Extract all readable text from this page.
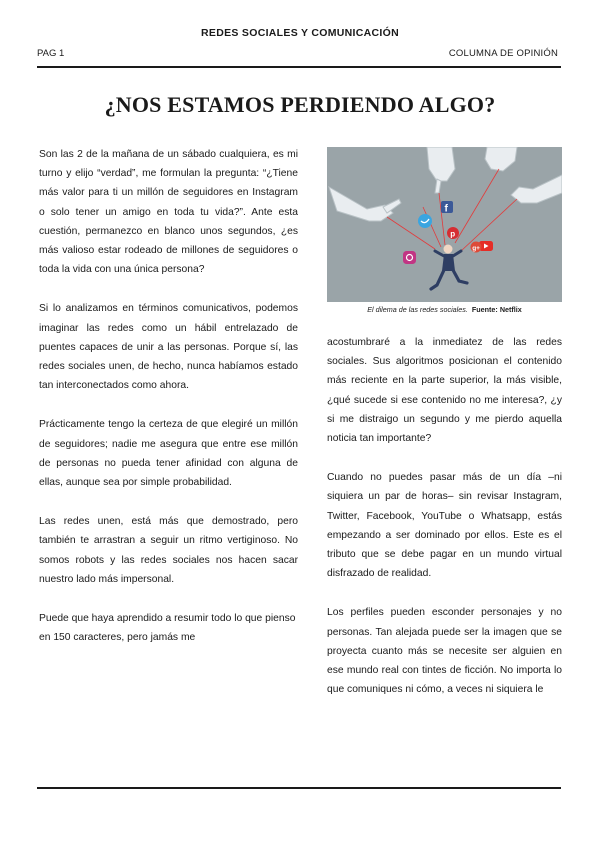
REDES SOCIALES Y COMUNICACIÓN
PAG 1	COLUMNA DE OPINIÓN
¿NOS ESTAMOS PERDIENDO ALGO?

Son las 2 de la mañana de un sábado cualquiera, es mi turno y elijo “verdad”, me formulan la pregunta: “¿Tiene más valor para ti un millón de seguidores en Instagram o solo tener un amigo en toda tu vida?”. Ante esta cuestión, permanezco en blanco unos segundos, ¿es más valioso estar rodeado de millones de seguidores o toda la vida con una única persona?

Si lo analizamos en términos comunicativos, podemos imaginar las redes como un hábil entrelazado de puentes capaces de unir a las personas. Porque sí, las redes sociales unen, de hecho, nunca habíamos estado tan interconectados como ahora.

Prácticamente tengo la certeza de que elegiré un millón de seguidores; nadie me asegura que entre ese millón de personas no pueda tener afinidad con alguna de ellas, aunque sea por simple probabilidad.

Las redes unen, está más que demostrado, pero también te arrastran a seguir un ritmo vertiginoso. No somos robots y las redes sociales nos hacen sacar nuestro lado más impersonal.

Puede que haya aprendido a resumir todo lo que pienso en 150 caracteres, pero jamás me

f
p
g+
El dilema de las redes sociales. Fuente: Netflix

acostumbraré a la inmediatez de las redes sociales. Sus algoritmos posicionan el contenido más reciente en la parte superior, la más visible, ¿qué sucede si ese contenido no me interesa?, ¿y si me distraigo un segundo y me pierdo aquella noticia tan importante?

Cuando no puedes pasar más de un día –ni siquiera un par de horas– sin revisar Instagram, Twitter, Facebook, YouTube o Whatsapp, estás empezando a ser dominado por ellos. Este es el tributo que se debe pagar en un mundo virtual disfrazado de realidad.

Los perfiles pueden esconder personajes y no personas. Tan alejada puede ser la imagen que se proyecta cuanto más se necesite ser alguien en ese mundo real con tintes de ficción. No importa lo que comuniques ni cómo, a veces ni siquiera le
